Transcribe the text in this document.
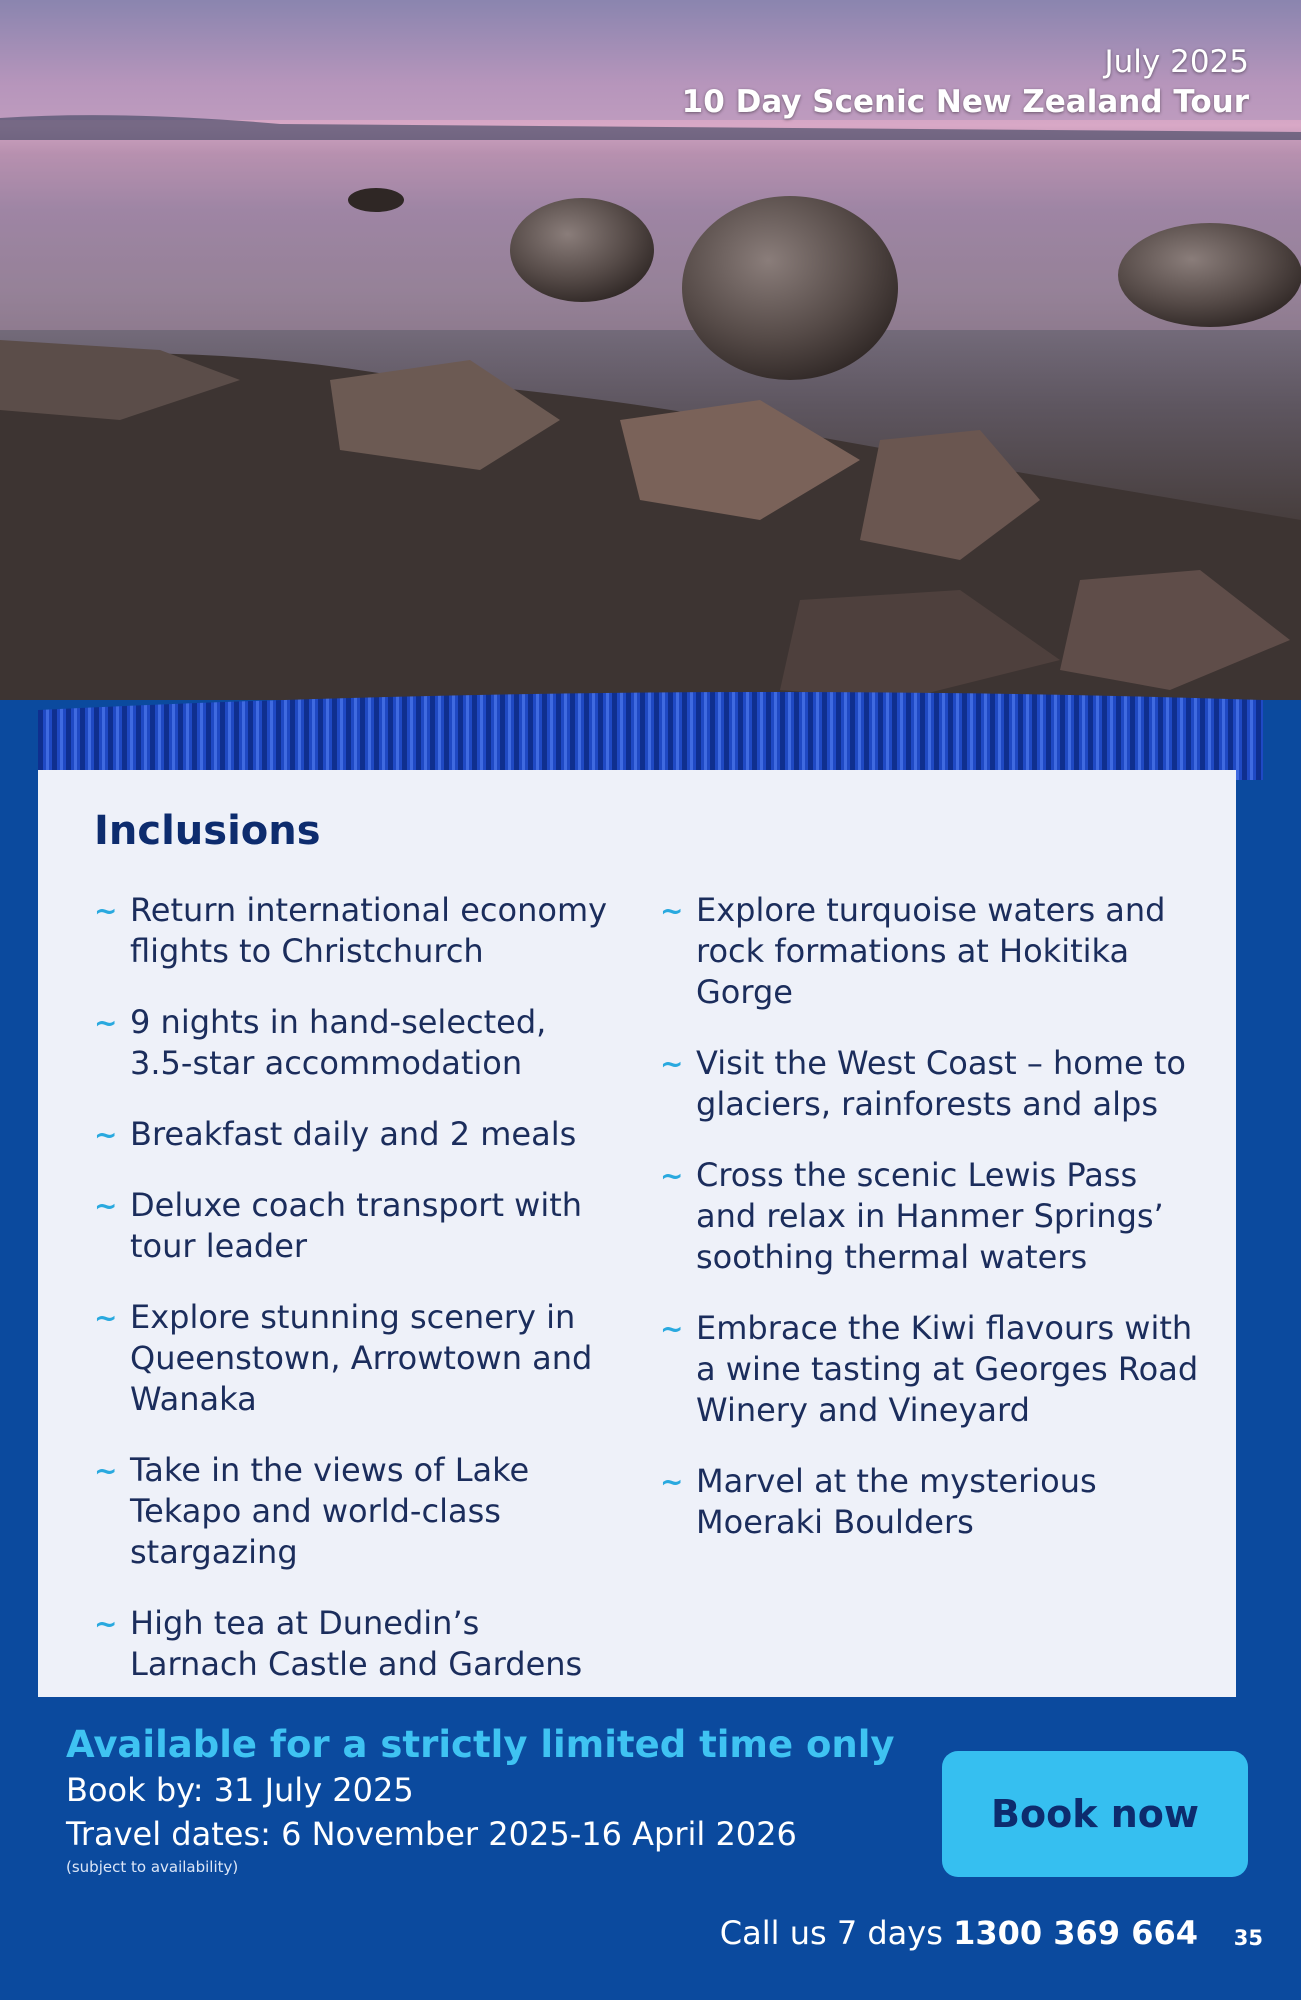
July 2025
10 Day Scenic New Zealand Tour
Inclusions
~ Return international economy flights to Christchurch
~ 9 nights in hand-selected, 3.5-star accommodation
~ Breakfast daily and 2 meals
~ Deluxe coach transport with tour leader
~ Explore stunning scenery in Queenstown, Arrowtown and Wanaka
~ Take in the views of Lake Tekapo and world-class stargazing
~ High tea at Dunedin’s Larnach Castle and Gardens
~ Explore turquoise waters and rock formations at Hokitika Gorge
~ Visit the West Coast – home to glaciers, rainforests and alps
~ Cross the scenic Lewis Pass and relax in Hanmer Springs’ soothing thermal waters
~ Embrace the Kiwi flavours with a wine tasting at Georges Road Winery and Vineyard
~ Marvel at the mysterious Moeraki Boulders
Available for a strictly limited time only
Book by: 31 July 2025
Travel dates: 6 November 2025-16 April 2026
(subject to availability)
Book now
Call us 7 days 1300 369 664 35
